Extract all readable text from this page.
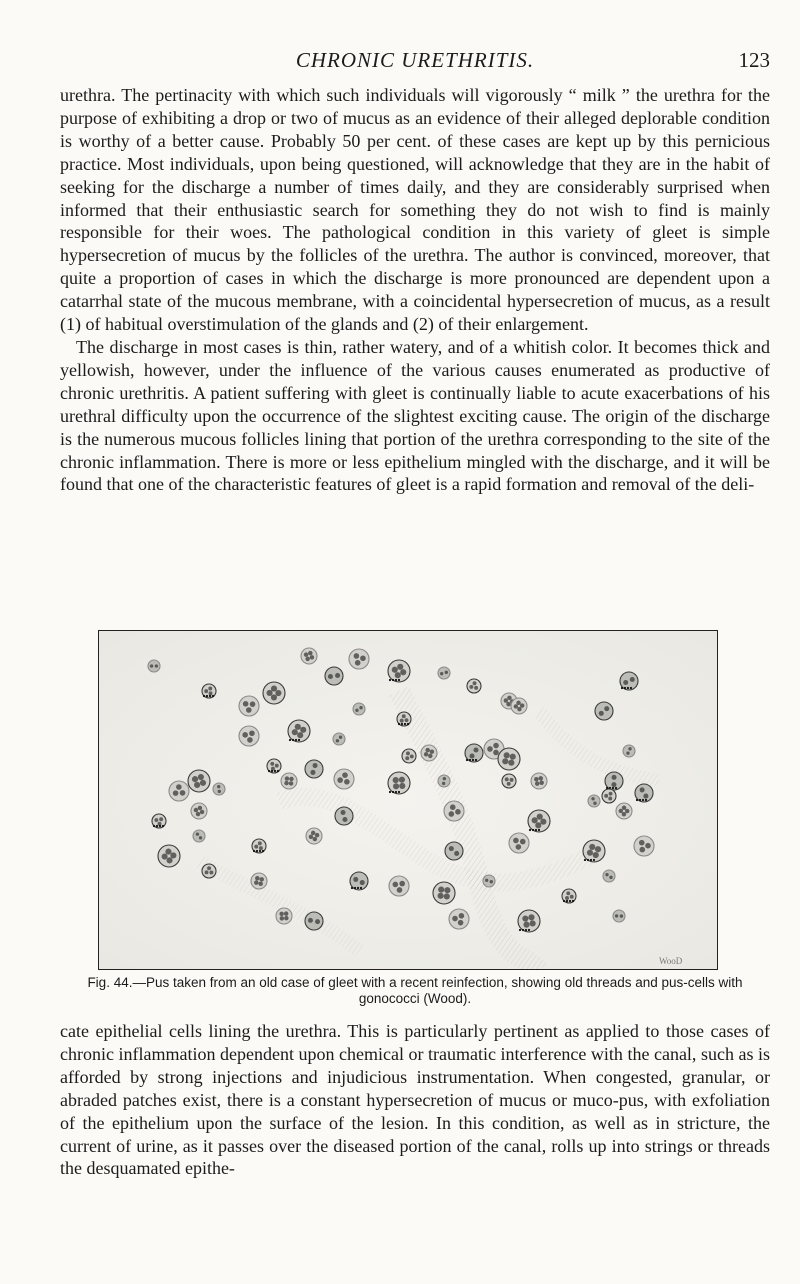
CHRONIC URETHRITIS.	123

urethra. The pertinacity with which such individuals will vigorously “ milk ” the urethra for the purpose of exhibiting a drop or two of mucus as an evidence of their alleged deplorable condition is worthy of a better cause. Probably 50 per cent. of these cases are kept up by this pernicious practice. Most individuals, upon being questioned, will acknowledge that they are in the habit of seeking for the discharge a number of times daily, and they are considerably surprised when informed that their enthusiastic search for something they do not wish to find is mainly responsible for their woes. The pathological condition in this variety of gleet is simple hypersecretion of mucus by the follicles of the urethra. The author is convinced, moreover, that quite a proportion of cases in which the discharge is more pronounced are dependent upon a catarrhal state of the mucous membrane, with a coincidental hypersecretion of mucus, as a result (1) of habitual overstimulation of the glands and (2) of their enlargement.

The discharge in most cases is thin, rather watery, and of a whitish color. It becomes thick and yellowish, however, under the influence of the various causes enumerated as productive of chronic urethritis. A patient suffering with gleet is continually liable to acute exacerbations of his urethral difficulty upon the occurrence of the slightest exciting cause. The origin of the discharge is the numerous mucous follicles lining that portion of the urethra corresponding to the site of the chronic inflammation. There is more or less epithelium mingled with the discharge, and it will be found that one of the characteristic features of gleet is a rapid formation and removal of the deli-

WooD
Fig. 44.—Pus taken from an old case of gleet with a recent reinfection, showing old threads and pus-cells with gonococci (Wood).

cate epithelial cells lining the urethra. This is particularly pertinent as applied to those cases of chronic inflammation dependent upon chemical or traumatic interference with the canal, such as is afforded by strong injections and injudicious instrumentation. When congested, granular, or abraded patches exist, there is a constant hypersecretion of mucus or muco-pus, with exfoliation of the epithelium upon the surface of the lesion. In this condition, as well as in stricture, the current of urine, as it passes over the diseased portion of the canal, rolls up into strings or threads the desquamated epithe-
